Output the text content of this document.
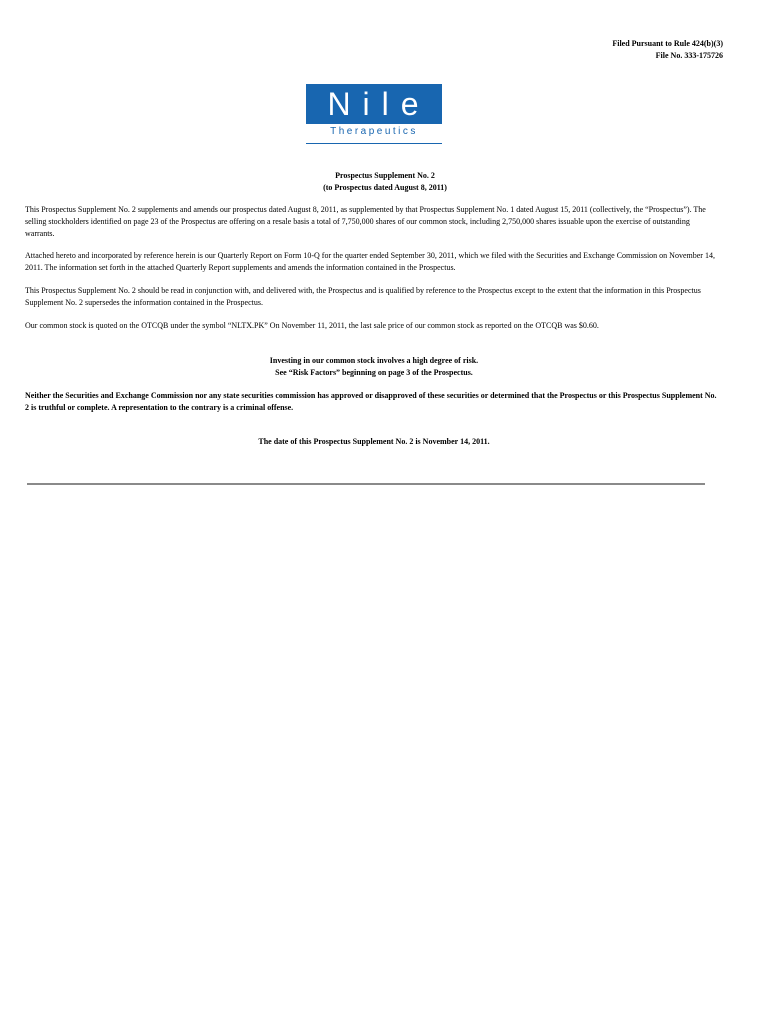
Filed Pursuant to Rule 424(b)(3)
File No. 333-175726
Nile
Therapeutics
Prospectus Supplement No. 2
(to Prospectus dated August 8, 2011)

This Prospectus Supplement No. 2 supplements and amends our prospectus dated August 8, 2011, as supplemented by that Prospectus Supplement No. 1 dated August 15, 2011 (collectively, the “Prospectus”). The selling stockholders identified on page 23 of the Prospectus are offering on a resale basis a total of 7,750,000 shares of our common stock, including 2,750,000 shares issuable upon the exercise of outstanding warrants.

Attached hereto and incorporated by reference herein is our Quarterly Report on Form 10-Q for the quarter ended September 30, 2011, which we filed with the Securities and Exchange Commission on November 14, 2011. The information set forth in the attached Quarterly Report supplements and amends the information contained in the Prospectus.

This Prospectus Supplement No. 2 should be read in conjunction with, and delivered with, the Prospectus and is qualified by reference to the Prospectus except to the extent that the information in this Prospectus Supplement No. 2 supersedes the information contained in the Prospectus.

Our common stock is quoted on the OTCQB under the symbol “NLTX.PK” On November 11, 2011, the last sale price of our common stock as reported on the OTCQB was $0.60.

Investing in our common stock involves a high degree of risk.
See “Risk Factors” beginning on page 3 of the Prospectus.

Neither the Securities and Exchange Commission nor any state securities commission has approved or disapproved of these securities or determined that the Prospectus or this Prospectus Supplement No. 2 is truthful or complete. A representation to the contrary is a criminal offense.

The date of this Prospectus Supplement No. 2 is November 14, 2011.
